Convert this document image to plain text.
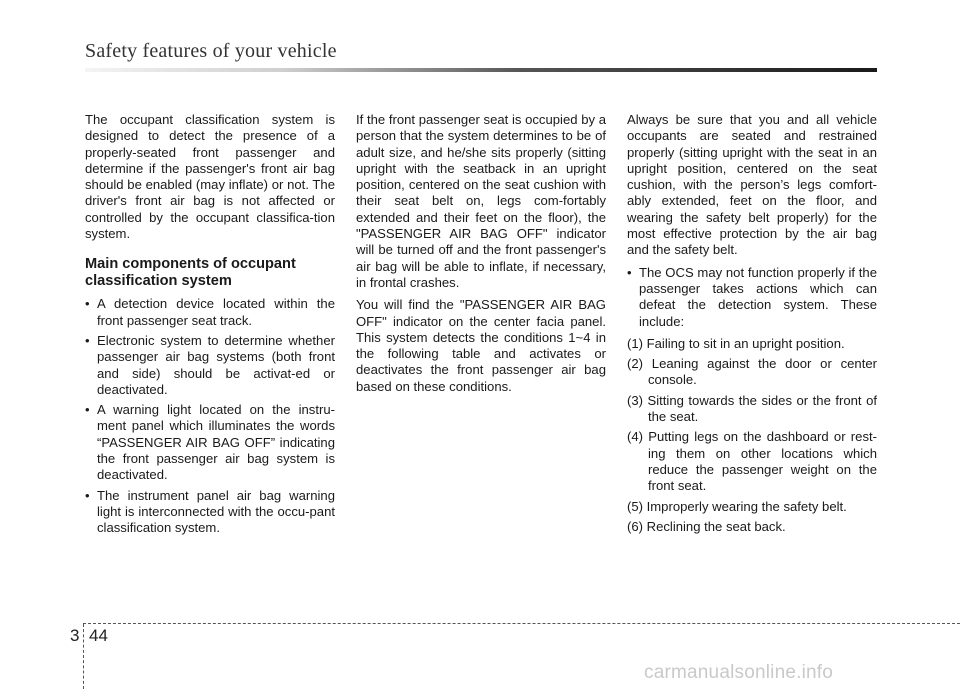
Safety features of your vehicle

The occupant classification system is designed to detect the presence of a properly-seated front passenger and determine if the passenger's front air bag should be enabled (may inflate) or not. The driver's front air bag is not affected or controlled by the occupant classifica-tion system.

Main components of occupant classification system
• A detection device located within the front passenger seat track.
• Electronic system to determine whether passenger air bag systems (both front and side) should be activat-ed or deactivated.
• A warning light located on the instru-ment panel which illuminates the words “PASSENGER AIR BAG OFF” indicating the front passenger air bag system is deactivated.
• The instrument panel air bag warning light is interconnected with the occu-pant classification system.

If the front passenger seat is occupied by a person that the system determines to be of adult size, and he/she sits properly (sitting upright with the seatback in an upright position, centered on the seat cushion with their seat belt on, legs com-fortably extended and their feet on the floor), the "PASSENGER AIR BAG OFF" indicator will be turned off and the front passenger's air bag will be able to inflate, if necessary, in frontal crashes.

You will find the "PASSENGER AIR BAG OFF" indicator on the center facia panel. This system detects the conditions 1~4 in the following table and activates or deactivates the front passenger air bag based on these conditions.

Always be sure that you and all vehicle occupants are seated and restrained properly (sitting upright with the seat in an upright position, centered on the seat cushion, with the person’s legs comfort-ably extended, feet on the floor, and wearing the safety belt properly) for the most effective protection by the air bag and the safety belt.

• The OCS may not function properly if the passenger takes actions which can defeat the detection system. These include:
(1) Failing to sit in an upright position.
(2) Leaning against the door or center console.
(3) Sitting towards the sides or the front of the seat.
(4) Putting legs on the dashboard or rest-ing them on other locations which reduce the passenger weight on the front seat.
(5) Improperly wearing the safety belt.
(6) Reclining the seat back.
3 44
carmanualsonline.info
